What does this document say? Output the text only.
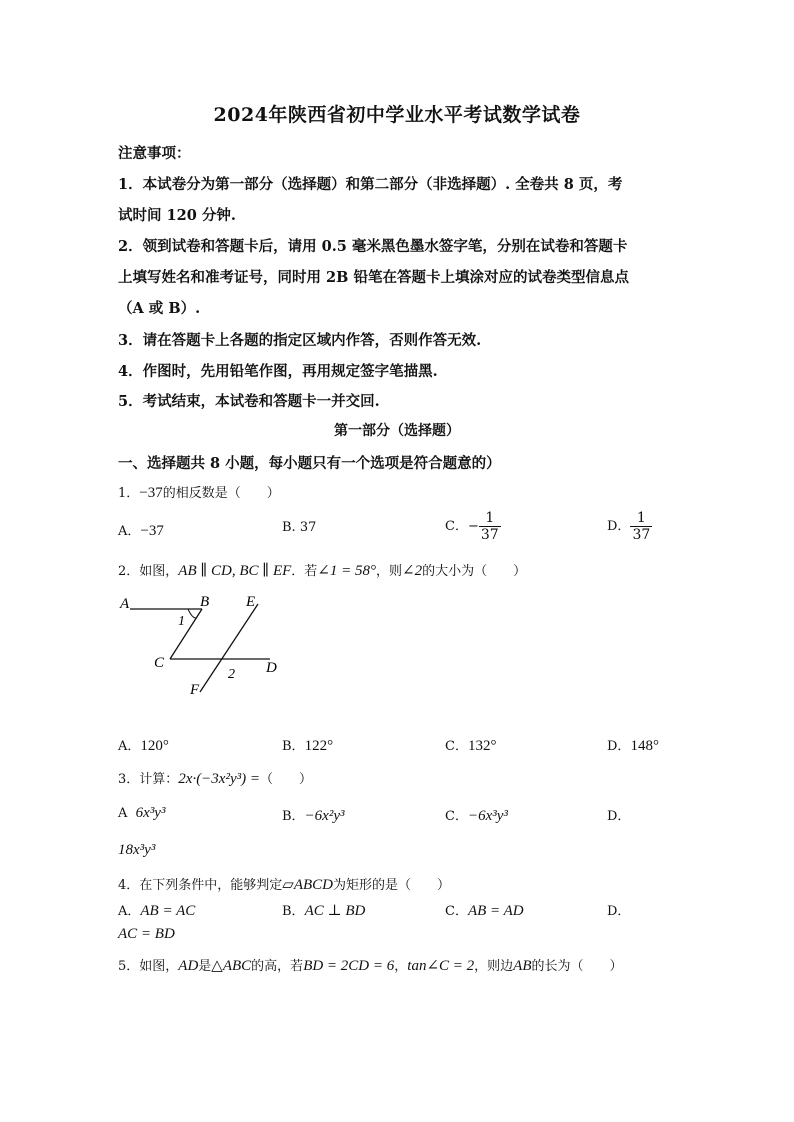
2024年陕西省初中学业水平考试数学试卷
注意事项：
1．本试卷分为第一部分（选择题）和第二部分（非选择题）. 全卷共 8 页，考
试时间 120 分钟.
2．领到试卷和答题卡后，请用 0.5 毫米黑色墨水签字笔，分别在试卷和答题卡
上填写姓名和准考证号，同时用 2B 铅笔在答题卡上填涂对应的试卷类型信息点
（A 或 B）.
3．请在答题卡上各题的指定区域内作答，否则作答无效.
4．作图时，先用铅笔作图，再用规定签字笔描黑.
5．考试结束，本试卷和答题卡一并交回.
第一部分（选择题）
一、选择题共 8 小题，每小题只有一个选项是符合题意的）
1．−37的相反数是（　　）
A．−37	B. 37	C．− $\frac{1}{37}$	D． $\frac{1}{37}$
2．如图，AB ∥ CD, BC ∥ EF．若∠1 = 58°，则∠2的大小为（　　）
A	B
C	D
E
F
1
2
A．120°	B．122°	C．132°	D．148°
3．计算：2x·(−3x²y³) =（　　）
A 6x³y³	B．−6x²y³	C．−6x³y³	D．
18x³y³
4．在下列条件中，能够判定▱ABCD为矩形的是（　　）
A．AB = AC	B．AC ⊥ BD	C．AB = AD	D．
AC = BD
5．如图，AD是△ABC的高，若BD = 2CD = 6，tan∠C = 2，则边AB的长为（　　）
